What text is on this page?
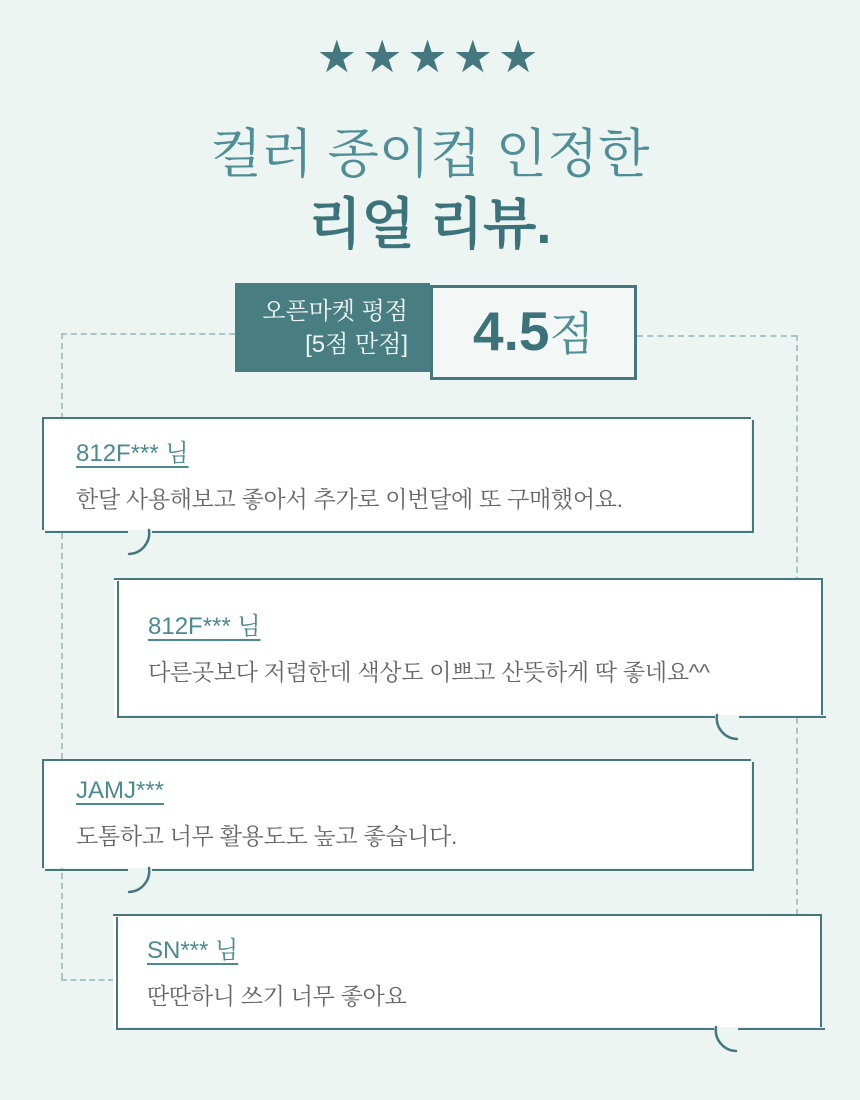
★★★★★
컬러 종이컵 인정한
리얼 리뷰.
오픈마켓 평점
[5점 만점] 4.5 점
812F*** 님
한달 사용해보고 좋아서 추가로 이번달에 또 구매했어요.
812F*** 님
다른곳보다 저렴한데 색상도 이쁘고 산뜻하게 딱 좋네요^^
JAMJ***
도톰하고 너무 활용도도 높고 좋습니다.
SN*** 님
딴딴하니 쓰기 너무 좋아요
